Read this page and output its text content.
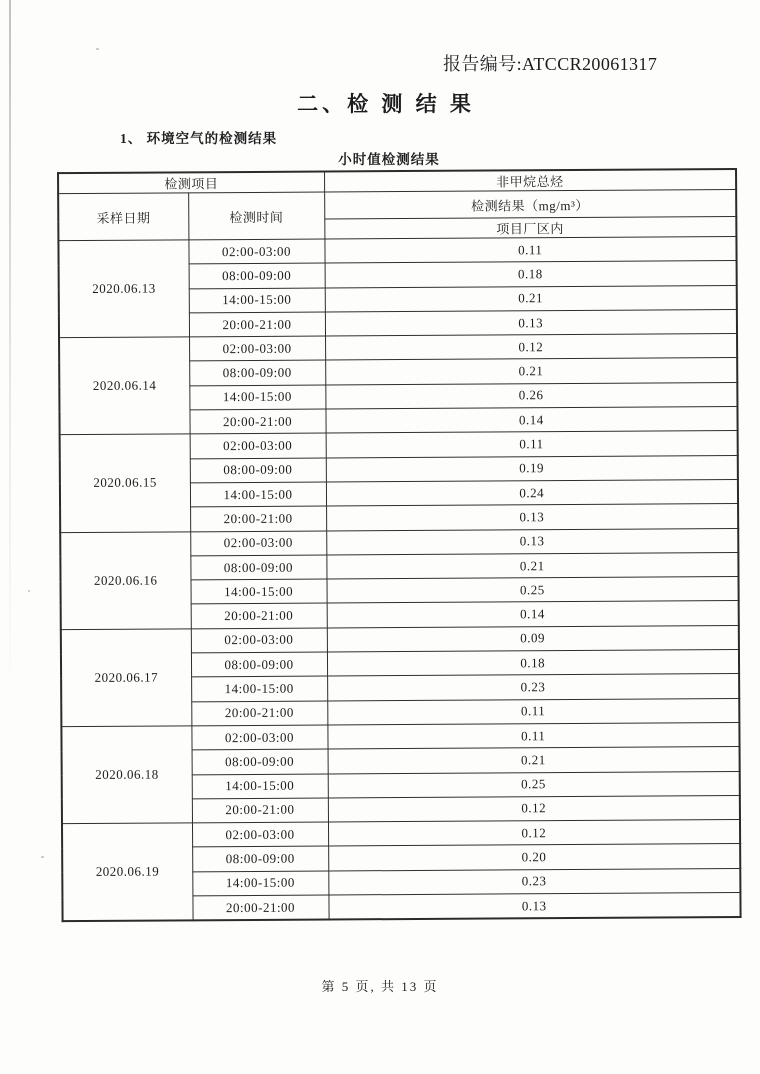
报告编号:ATCCR20061317
二、检 测 结 果
1、 环境空气的检测结果
小时值检测结果
检测项目		非甲烷总烃
采样日期	检测时间	检测结果（mg/m³）
		项目厂区内
2020.06.13	02:00-03:00	0.11
	08:00-09:00	0.18
	14:00-15:00	0.21
	20:00-21:00	0.13
2020.06.14	02:00-03:00	0.12
	08:00-09:00	0.21
	14:00-15:00	0.26
	20:00-21:00	0.14
2020.06.15	02:00-03:00	0.11
	08:00-09:00	0.19
	14:00-15:00	0.24
	20:00-21:00	0.13
2020.06.16	02:00-03:00	0.13
	08:00-09:00	0.21
	14:00-15:00	0.25
	20:00-21:00	0.14
2020.06.17	02:00-03:00	0.09
	08:00-09:00	0.18
	14:00-15:00	0.23
	20:00-21:00	0.11
2020.06.18	02:00-03:00	0.11
	08:00-09:00	0.21
	14:00-15:00	0.25
	20:00-21:00	0.12
2020.06.19	02:00-03:00	0.12
	08:00-09:00	0.20
	14:00-15:00	0.23
	20:00-21:00	0.13
第 5 页, 共 13 页
